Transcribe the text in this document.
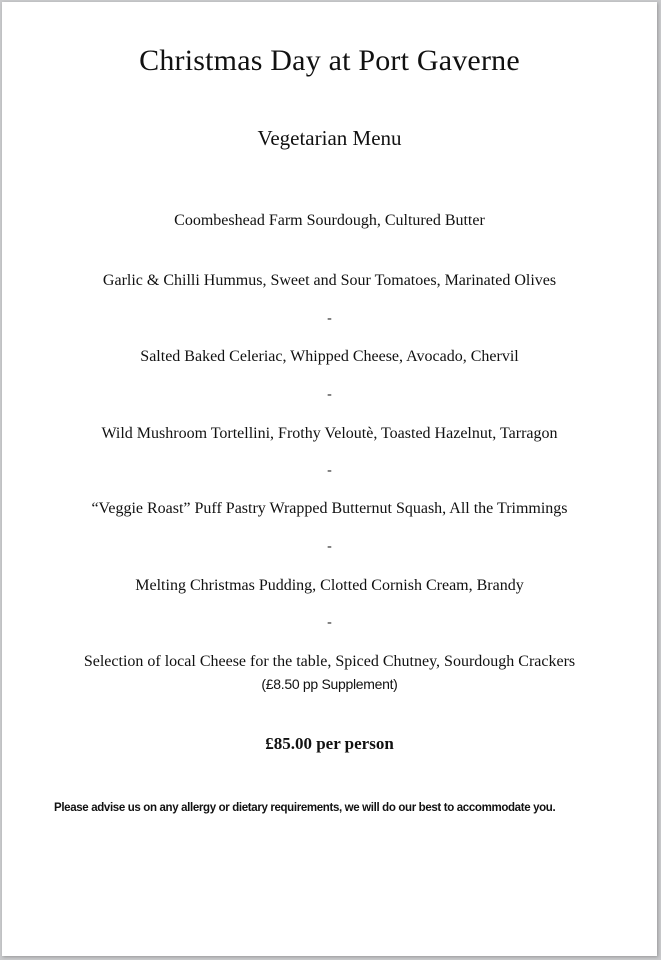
Christmas Day at Port Gaverne
Vegetarian Menu
Coombeshead Farm Sourdough, Cultured Butter
Garlic & Chilli Hummus, Sweet and Sour Tomatoes, Marinated Olives
-
Salted Baked Celeriac, Whipped Cheese, Avocado, Chervil
-
Wild Mushroom Tortellini, Frothy Veloutè, Toasted Hazelnut, Tarragon
-
“Veggie Roast” Puff Pastry Wrapped Butternut Squash, All the Trimmings
-
Melting Christmas Pudding, Clotted Cornish Cream, Brandy
-
Selection of local Cheese for the table, Spiced Chutney, Sourdough Crackers
(£8.50 pp Supplement)
£85.00 per person
Please advise us on any allergy or dietary requirements, we will do our best to accommodate you.
